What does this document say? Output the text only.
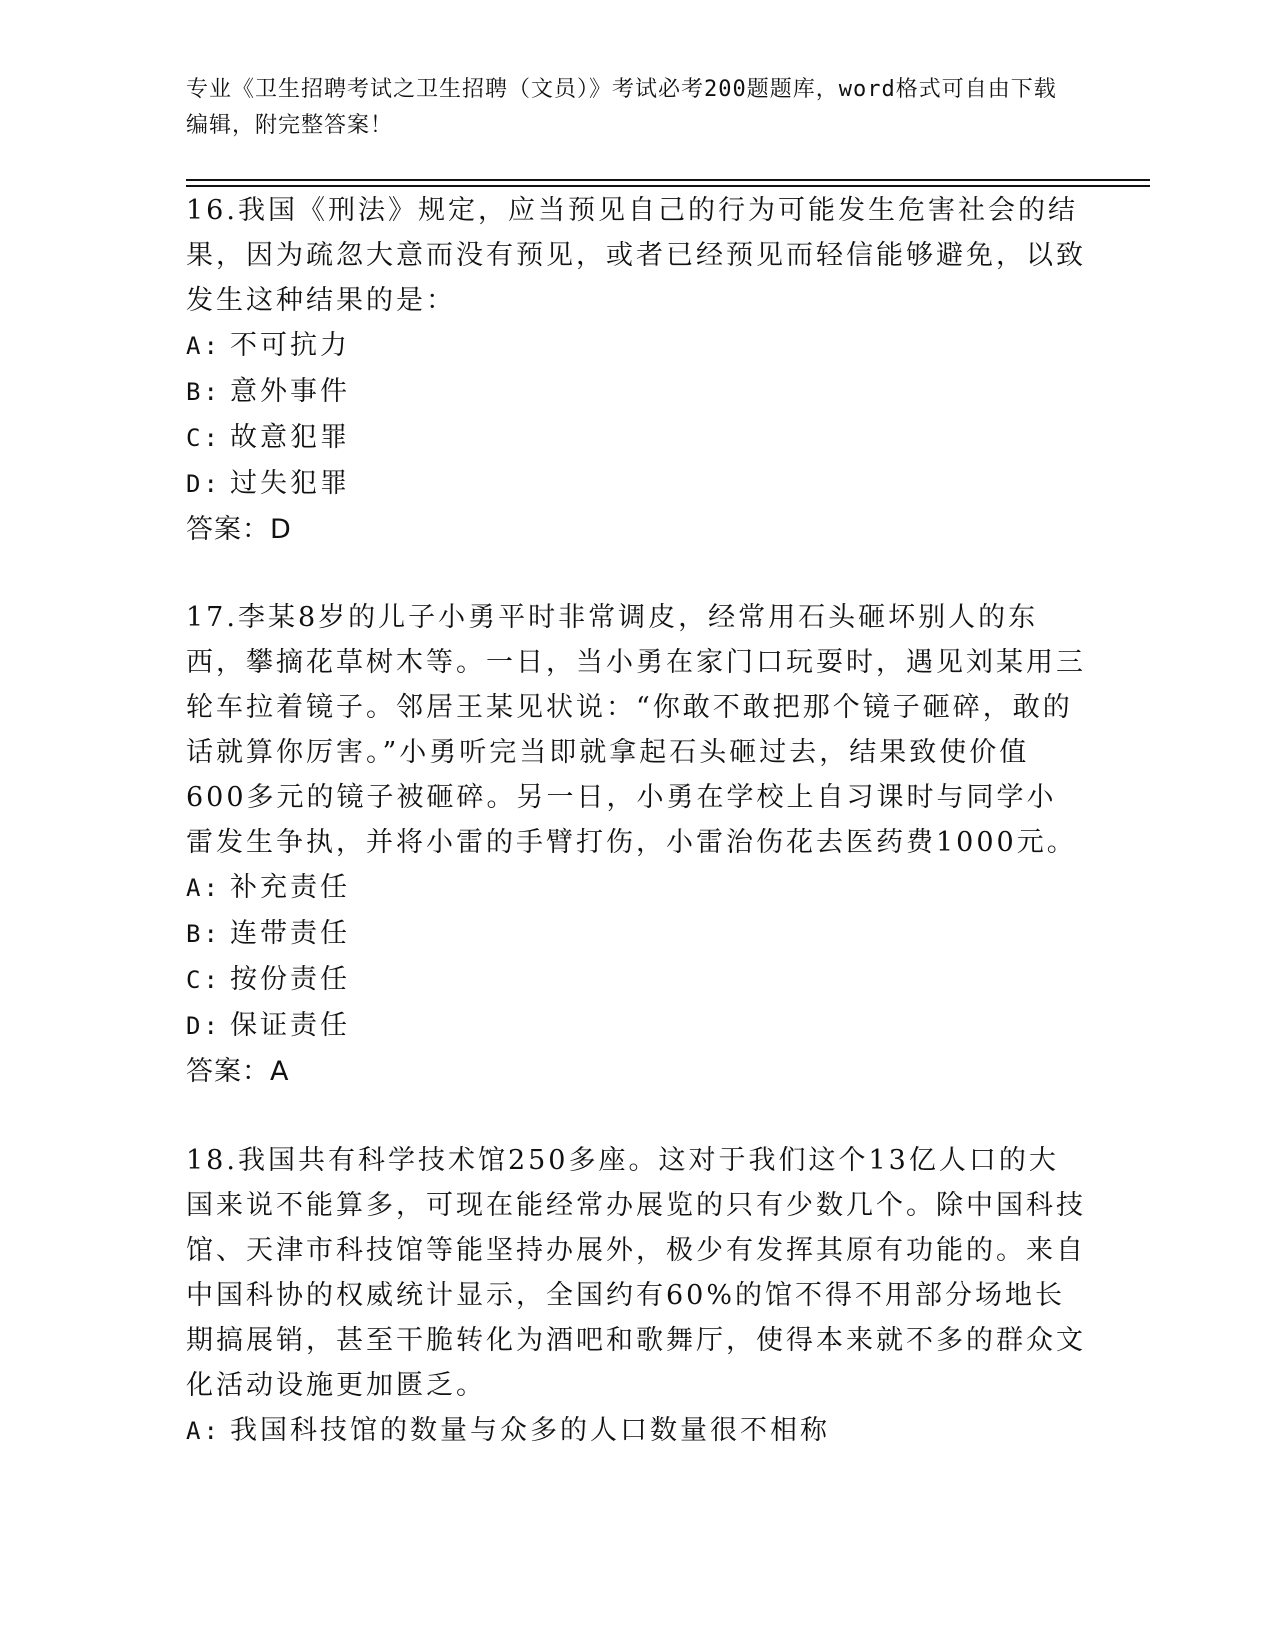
专业《卫生招聘考试之卫生招聘（文员）》考试必考200题题库，word格式可自由下载编辑，附完整答案！

16.我国《刑法》规定，应当预见自己的行为可能发生危害社会的结果，因为疏忽大意而没有预见，或者已经预见而轻信能够避免，以致发生这种结果的是：

A: 不可抗力

B: 意外事件

C: 故意犯罪

D: 过失犯罪

答案：D

17.李某8岁的儿子小勇平时非常调皮，经常用石头砸坏别人的东西，攀摘花草树木等。一日，当小勇在家门口玩耍时，遇见刘某用三轮车拉着镜子。邻居王某见状说：“你敢不敢把那个镜子砸碎，敢的话就算你厉害。”小勇听完当即就拿起石头砸过去，结果致使价值600多元的镜子被砸碎。另一日，小勇在学校上自习课时与同学小雷发生争执，并将小雷的手臂打伤，小雷治伤花去医药费1000元。

A: 补充责任

B: 连带责任

C: 按份责任

D: 保证责任

答案：A

18.我国共有科学技术馆250多座。这对于我们这个13亿人口的大国来说不能算多，可现在能经常办展览的只有少数几个。除中国科技馆、天津市科技馆等能坚持办展外，极少有发挥其原有功能的。来自中国科协的权威统计显示，全国约有60%的馆不得不用部分场地长期搞展销，甚至干脆转化为酒吧和歌舞厅，使得本来就不多的群众文化活动设施更加匮乏。

A: 我国科技馆的数量与众多的人口数量很不相称
